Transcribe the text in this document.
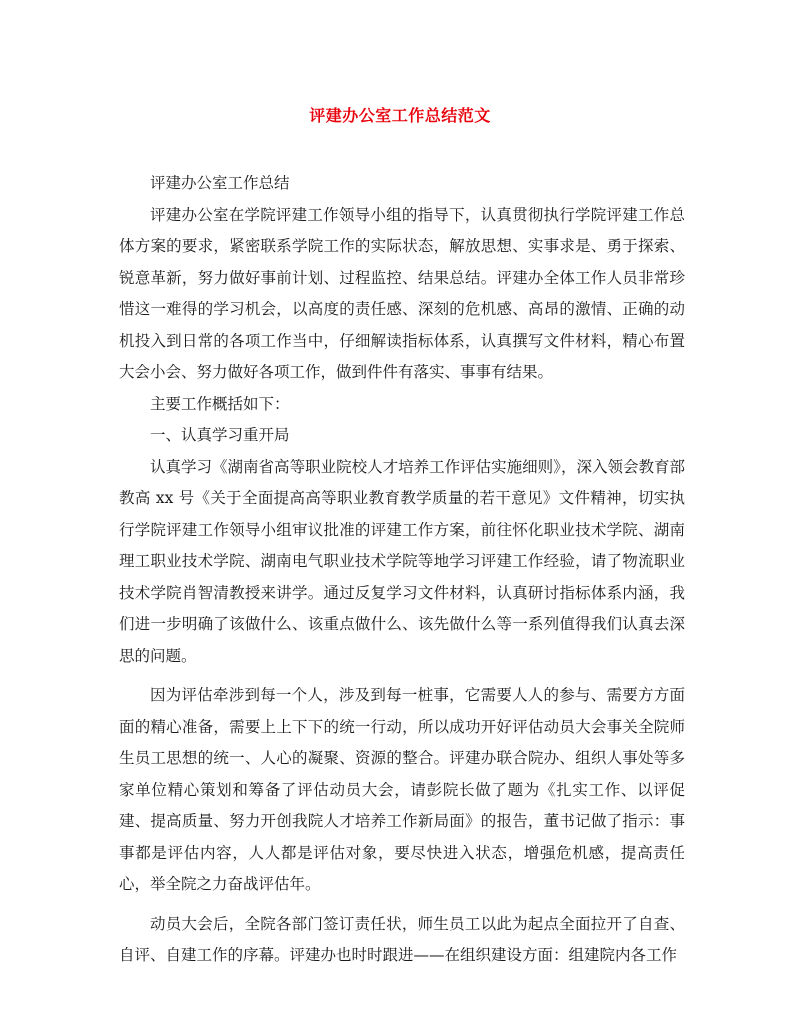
评建办公室工作总结范文

评建办公室工作总结

评建办公室在学院评建工作领导小组的指导下，认真贯彻执行学院评建工作总体方案的要求，紧密联系学院工作的实际状态，解放思想、实事求是、勇于探索、锐意革新，努力做好事前计划、过程监控、结果总结。评建办全体工作人员非常珍惜这一难得的学习机会，以高度的责任感、深刻的危机感、高昂的激情、正确的动机投入到日常的各项工作当中，仔细解读指标体系，认真撰写文件材料，精心布置大会小会、努力做好各项工作，做到件件有落实、事事有结果。

主要工作概括如下：

一、认真学习重开局

认真学习《湖南省高等职业院校人才培养工作评估实施细则》，深入领会教育部教高 xx 号《关于全面提高高等职业教育教学质量的若干意见》文件精神，切实执行学院评建工作领导小组审议批准的评建工作方案，前往怀化职业技术学院、湖南理工职业技术学院、湖南电气职业技术学院等地学习评建工作经验，请了物流职业技术学院肖智清教授来讲学。通过反复学习文件材料，认真研讨指标体系内涵，我们进一步明确了该做什么、该重点做什么、该先做什么等一系列值得我们认真去深思的问题。

因为评估牵涉到每一个人，涉及到每一桩事，它需要人人的参与、需要方方面面的精心准备，需要上上下下的统一行动，所以成功开好评估动员大会事关全院师生员工思想的统一、人心的凝聚、资源的整合。评建办联合院办、组织人事处等多家单位精心策划和筹备了评估动员大会，请彭院长做了题为《扎实工作、以评促建、提高质量、努力开创我院人才培养工作新局面》的报告，董书记做了指示：事事都是评估内容，人人都是评估对象，要尽快进入状态，增强危机感，提高责任心，举全院之力奋战评估年。

动员大会后，全院各部门签订责任状，师生员工以此为起点全面拉开了自查、自评、自建工作的序幕。评建办也时时跟进——在组织建设方面：组建院内各工作
